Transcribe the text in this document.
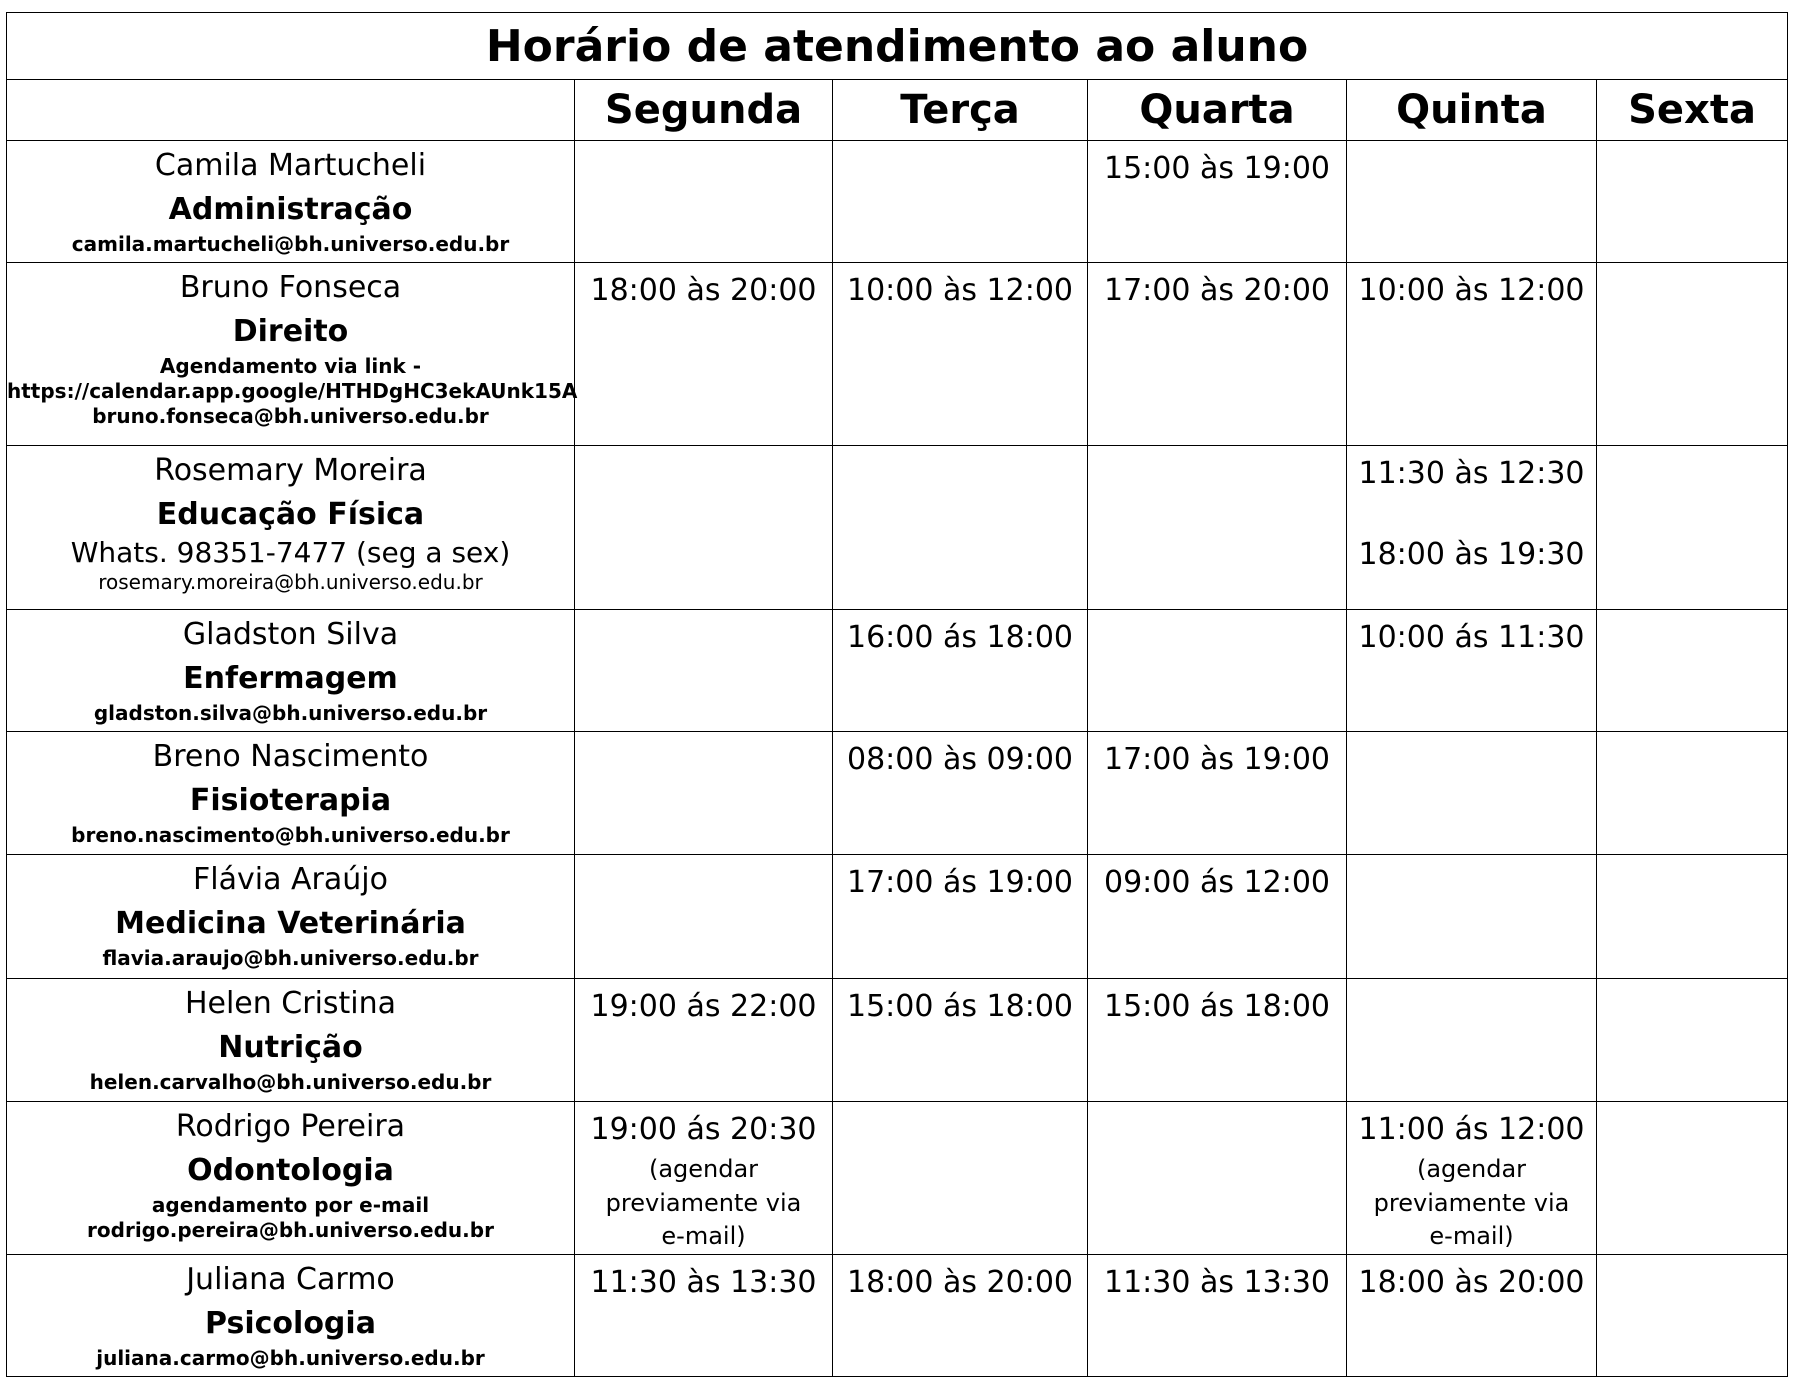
Horário de atendimento ao aluno					
	Segunda	Terça	Quarta	Quinta	Sexta

Camila Martucheli
Administração
camila.martucheli@bh.universo.edu.br			15:00 às 19:00		

Bruno Fonseca
Direito
Agendamento via link -
https://calendar.app.google/HTHDgHC3ekAUnk15A
bruno.fonseca@bh.universo.edu.br	18:00 às 20:00	10:00 às 12:00	17:00 às 20:00	10:00 às 12:00	

Rosemary Moreira
Educação Física
Whats. 98351-7477 (seg a sex)
rosemary.moreira@bh.universo.edu.br				11:30 às 12:30
18:00 às 19:30	

Gladston Silva
Enfermagem
gladston.silva@bh.universo.edu.br		16:00 ás 18:00		10:00 ás 11:30	

Breno Nascimento
Fisioterapia
breno.nascimento@bh.universo.edu.br		08:00 às 09:00	17:00 às 19:00		

Flávia Araújo
Medicina Veterinária
flavia.araujo@bh.universo.edu.br		17:00 ás 19:00	09:00 ás 12:00		

Helen Cristina
Nutrição
helen.carvalho@bh.universo.edu.br	19:00 ás 22:00	15:00 ás 18:00	15:00 ás 18:00		

Rodrigo Pereira
Odontologia
agendamento por e-mail
rodrigo.pereira@bh.universo.edu.br	19:00 ás 20:30
(agendar
previamente via
e-mail)			11:00 ás 12:00
(agendar
previamente via
e-mail)	

Juliana Carmo
Psicologia
juliana.carmo@bh.universo.edu.br	11:30 às 13:30	18:00 às 20:00	11:30 às 13:30	18:00 às 20:00	
